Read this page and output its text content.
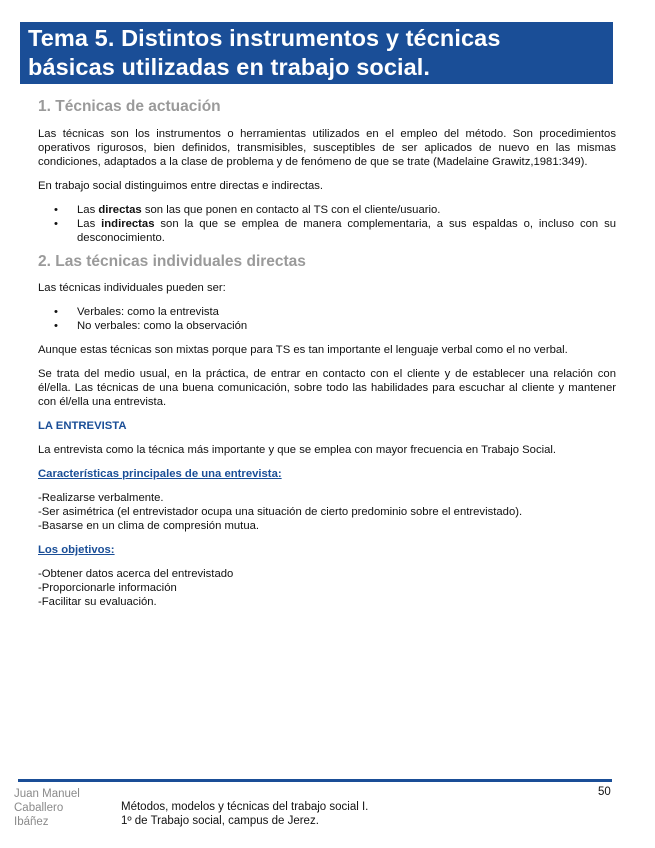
Tema 5. Distintos instrumentos y técnicas
básicas utilizadas en trabajo social.
1. Técnicas de actuación

Las técnicas son los instrumentos o herramientas utilizados en el empleo del método. Son procedimientos operativos rigurosos, bien definidos, transmisibles, susceptibles de ser aplicados de nuevo en las mismas condiciones, adaptados a la clase de problema y de fenómeno de que se trate (Madelaine Grawitz,1981:349).

En trabajo social distinguimos entre directas e indirectas.

• Las directas son las que ponen en contacto al TS con el cliente/usuario.
• Las indirectas son la que se emplea de manera complementaria, a sus espaldas o, incluso con su desconocimiento.
2. Las técnicas individuales directas

Las técnicas individuales pueden ser:

• Verbales: como la entrevista
• No verbales: como la observación

Aunque estas técnicas son mixtas porque para TS es tan importante el lenguaje verbal como el no verbal.

Se trata del medio usual, en la práctica, de entrar en contacto con el cliente y de establecer una relación con él/ella. Las técnicas de una buena comunicación, sobre todo las habilidades para escuchar al cliente y mantener con él/ella una entrevista.

LA ENTREVISTA

La entrevista como la técnica más importante y que se emplea con mayor frecuencia en Trabajo Social.

Características principales de una entrevista:

-Realizarse verbalmente.

-Ser asimétrica (el entrevistador ocupa una situación de cierto predominio sobre el entrevistado).

-Basarse en un clima de compresión mutua.

Los objetivos:

-Obtener datos acerca del entrevistado

-Proporcionarle información

-Facilitar su evaluación.

50
Juan Manuel
Caballero
Ibáñez
Métodos, modelos y técnicas del trabajo social I.
1º de Trabajo social, campus de Jerez.
